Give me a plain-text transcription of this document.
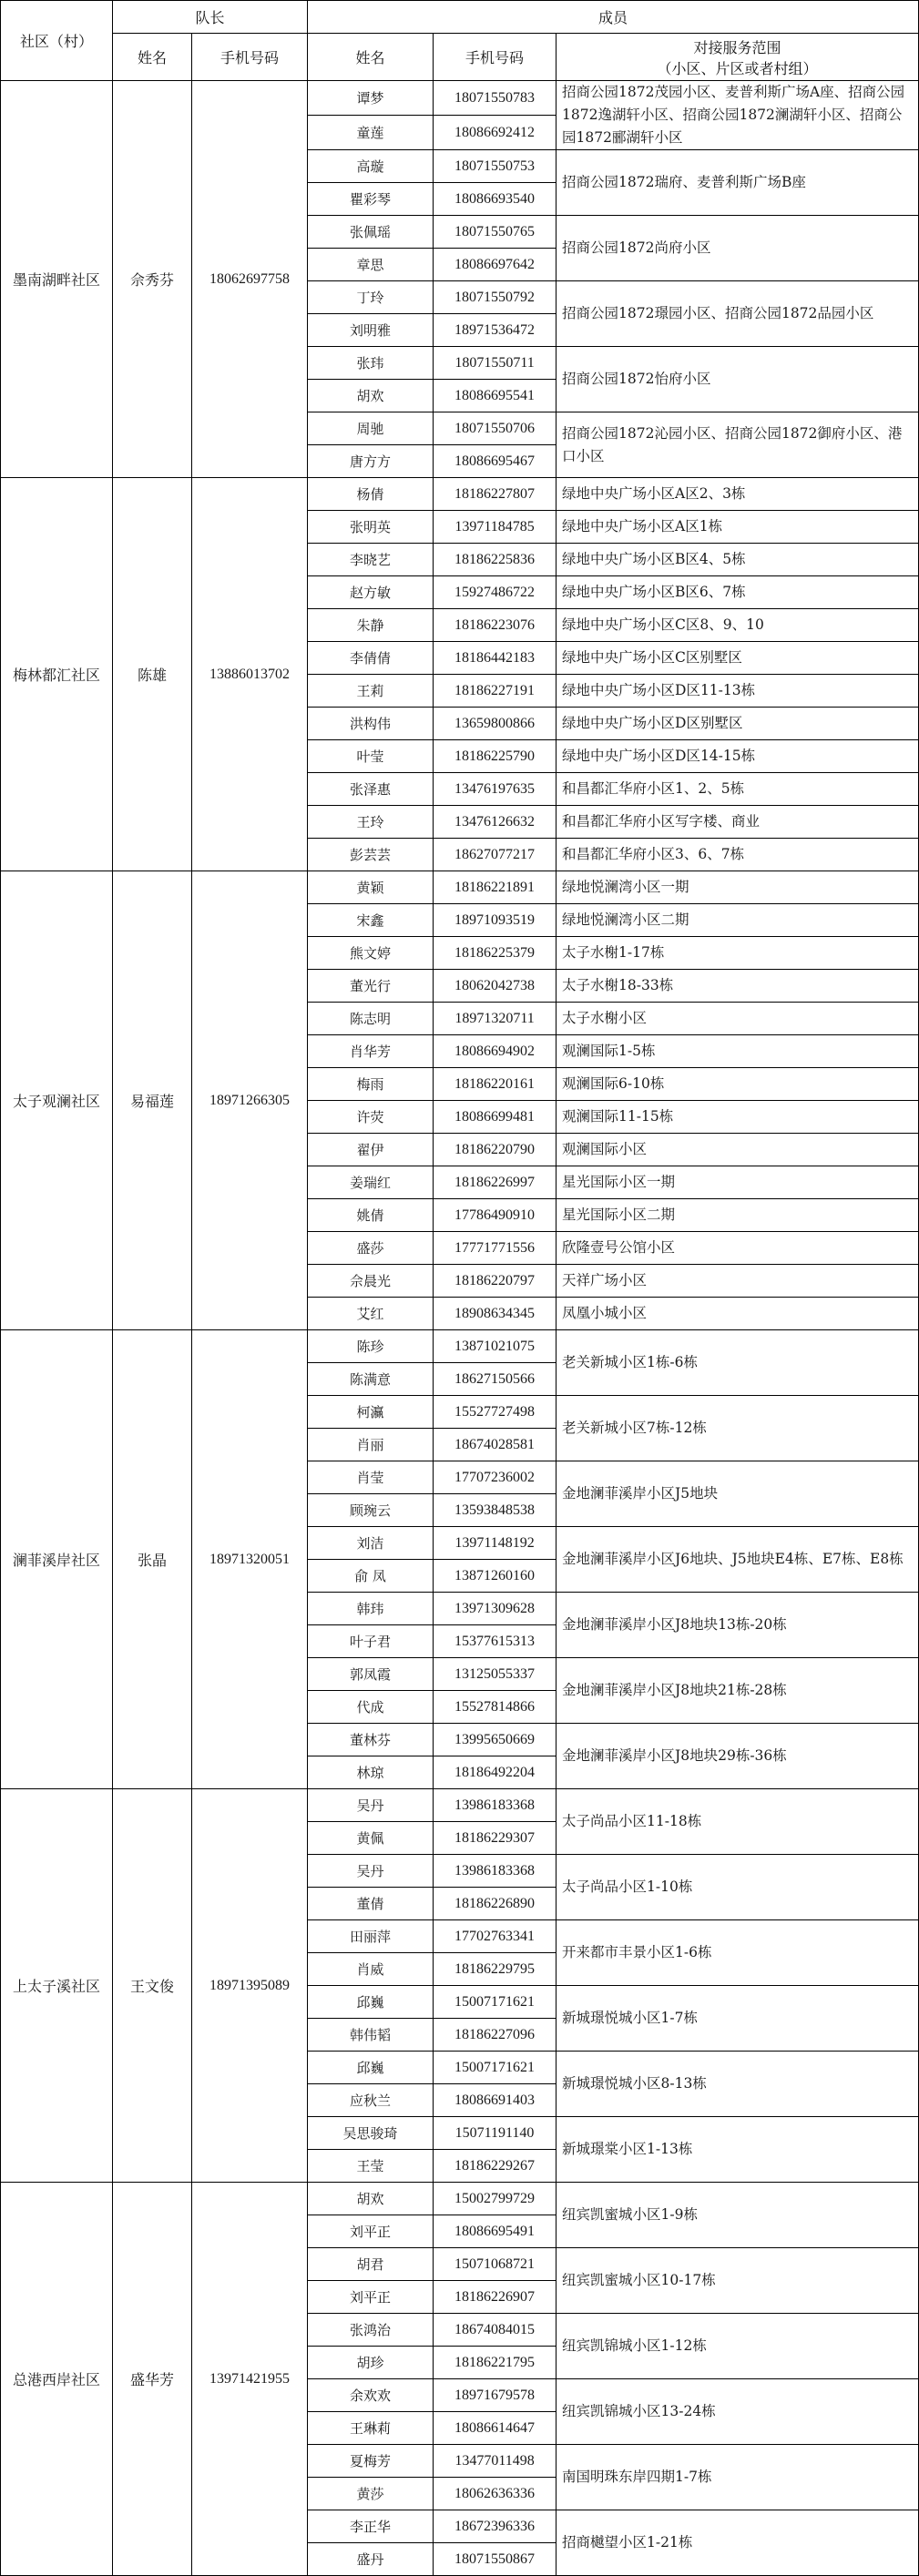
社区（村）	队长		成员		
	姓名	手机号码	姓名	手机号码	对接服务范围
（小区、片区或者村组）

墨南湖畔社区	佘秀芬	18062697758	谭梦	18071550783	招商公园1872茂园小区、麦普利斯广场A座、招商公园1872逸湖轩小区、招商公园1872澜湖轩小区、招商公园1872郦湖轩小区
			童莲	18086692412	
			高璇	18071550753	招商公园1872瑞府、麦普利斯广场B座
			瞿彩琴	18086693540	
			张佩瑶	18071550765	招商公园1872尚府小区
			章思	18086697642	
			丁玲	18071550792	招商公园1872璟园小区、招商公园1872品园小区
			刘明雅	18971536472	
			张玮	18071550711	招商公园1872怡府小区
			胡欢	18086695541	
			周驰	18071550706	招商公园1872沁园小区、招商公园1872御府小区、港口小区
			唐方方	18086695467	
梅林都汇社区	陈雄	13886013702	杨倩	18186227807	绿地中央广场小区A区2、3栋
			张明英	13971184785	绿地中央广场小区A区1栋
			李晓艺	18186225836	绿地中央广场小区B区4、5栋
			赵方敏	15927486722	绿地中央广场小区B区6、7栋
			朱静	18186223076	绿地中央广场小区C区8、9、10
			李倩倩	18186442183	绿地中央广场小区C区别墅区
			王莉	18186227191	绿地中央广场小区D区11-13栋
			洪构伟	13659800866	绿地中央广场小区D区别墅区
			叶莹	18186225790	绿地中央广场小区D区14-15栋
			张泽惠	13476197635	和昌都汇华府小区1、2、5栋
			王玲	13476126632	和昌都汇华府小区写字楼、商业
			彭芸芸	18627077217	和昌都汇华府小区3、6、7栋
太子观澜社区	易福莲	18971266305	黄颖	18186221891	绿地悦澜湾小区一期
			宋鑫	18971093519	绿地悦澜湾小区二期
			熊文婷	18186225379	太子水榭1-17栋
			董光行	18062042738	太子水榭18-33栋
			陈志明	18971320711	太子水榭小区
			肖华芳	18086694902	观澜国际1-5栋
			梅雨	18186220161	观澜国际6-10栋
			许荧	18086699481	观澜国际11-15栋
			翟伊	18186220790	观澜国际小区
			姜瑞红	18186226997	星光国际小区一期
			姚倩	17786490910	星光国际小区二期
			盛莎	17771771556	欣隆壹号公馆小区
			佘晨光	18186220797	天祥广场小区
			艾红	18908634345	凤凰小城小区
澜菲溪岸社区	张晶	18971320051	陈珍	13871021075	老关新城小区1栋-6栋
			陈满意	18627150566	
			柯灜	15527727498	老关新城小区7栋-12栋
			肖丽	18674028581	
			肖莹	17707236002	金地澜菲溪岸小区J5地块
			顾琬云	13593848538	
			刘洁	13971148192	金地澜菲溪岸小区J6地块、J5地块E4栋、E7栋、E8栋
			俞 凤	13871260160	
			韩玮	13971309628	金地澜菲溪岸小区J8地块13栋-20栋
			叶子君	15377615313	
			郭凤霞	13125055337	金地澜菲溪岸小区J8地块21栋-28栋
			代成	15527814866	
			董林芬	13995650669	金地澜菲溪岸小区J8地块29栋-36栋
			林琼	18186492204	
上太子溪社区	王文俊	18971395089	吴丹	13986183368	太子尚品小区11-18栋
			黄佩	18186229307	
			吴丹	13986183368	太子尚品小区1-10栋
			董倩	18186226890	
			田丽萍	17702763341	开来都市丰景小区1-6栋
			肖威	18186229795	
			邱巍	15007171621	新城璟悦城小区1-7栋
			韩伟韬	18186227096	
			邱巍	15007171621	新城璟悦城小区8-13栋
			应秋兰	18086691403	
			吴思骏琦	15071191140	新城璟棠小区1-13栋
			王莹	18186229267	
总港西岸社区	盛华芳	13971421955	胡欢	15002799729	纽宾凯蜜城小区1-9栋
			刘平正	18086695491	
			胡君	15071068721	纽宾凯蜜城小区10-17栋
			刘平正	18186226907	
			张鸿治	18674084015	纽宾凯锦城小区1-12栋
			胡珍	18186221795	
			余欢欢	18971679578	纽宾凯锦城小区13-24栋
			王琳莉	18086614647	
			夏梅芳	13477011498	南国明珠东岸四期1-7栋
			黄莎	18062636336	
			李正华	18672396336	招商樾望小区1-21栋
			盛丹	18071550867	
